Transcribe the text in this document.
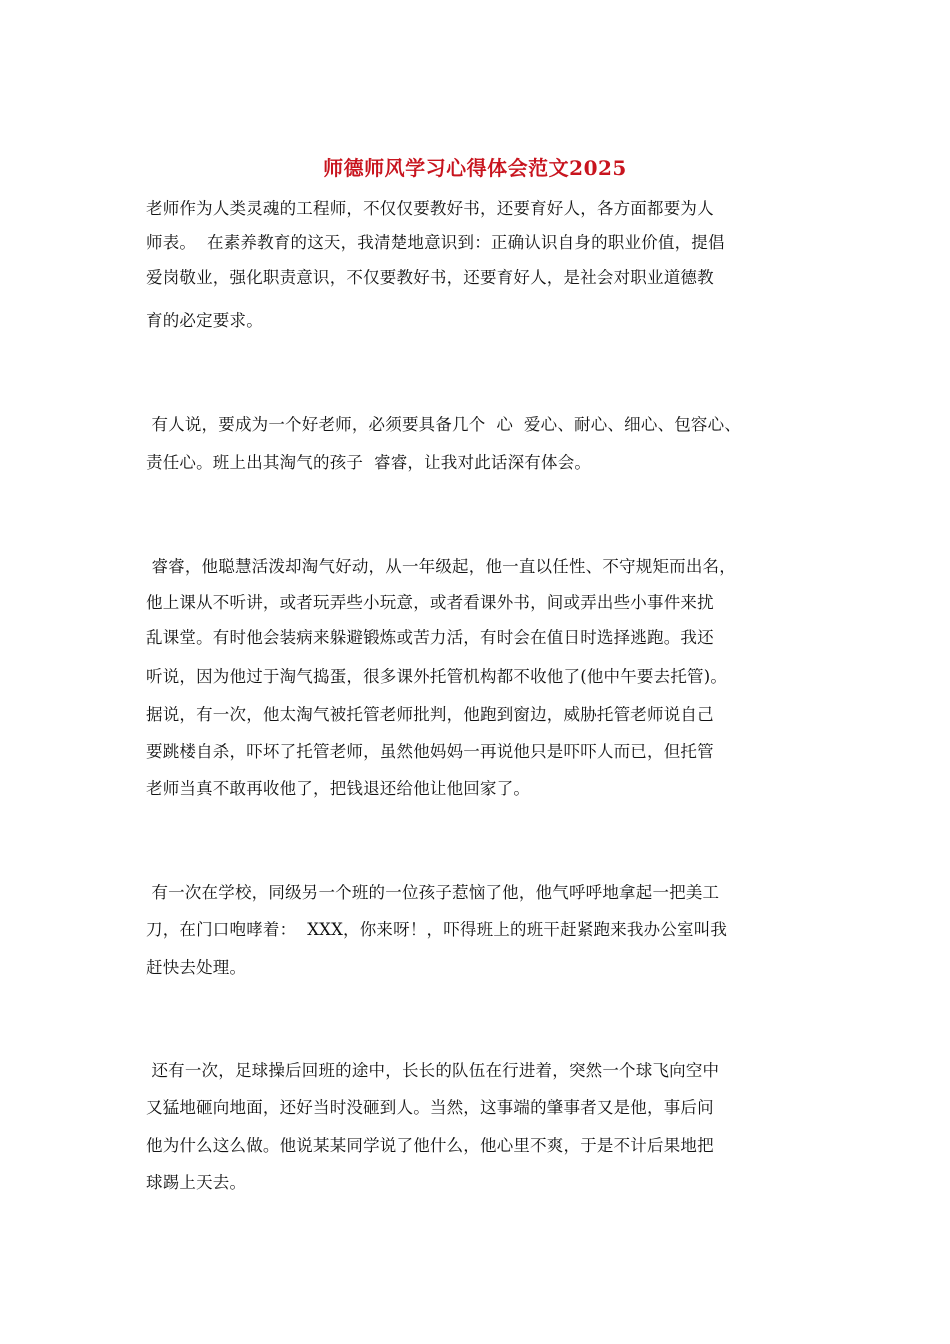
师德师风学习心得体会范文2025
老师作为人类灵魂的工程师，不仅仅要教好书，还要育好人，各方面都要为人
师表。  在素养教育的这天，我清楚地意识到：正确认识自身的职业价值，提倡
爱岗敬业，强化职责意识，不仅要教好书，还要育好人，是社会对职业道德教
育的必定要求。
有人说，要成为一个好老师，必须要具备几个  心  爱心、耐心、细心、包容心、
责任心。班上出其淘气的孩子  睿睿，让我对此话深有体会。
睿睿，他聪慧活泼却淘气好动，从一年级起，他一直以任性、不守规矩而出名，
他上课从不听讲，或者玩弄些小玩意，或者看课外书，间或弄出些小事件来扰
乱课堂。有时他会装病来躲避锻炼或苦力活，有时会在值日时选择逃跑。我还
听说，因为他过于淘气捣蛋，很多课外托管机构都不收他了(他中午要去托管)。
据说，有一次，他太淘气被托管老师批判，他跑到窗边，威胁托管老师说自己
要跳楼自杀，吓坏了托管老师，虽然他妈妈一再说他只是吓吓人而已，但托管
老师当真不敢再收他了，把钱退还给他让他回家了。
有一次在学校，同级另一个班的一位孩子惹恼了他，他气呼呼地拿起一把美工
刀，在门口咆哮着：  XXX，你来呀！，吓得班上的班干赶紧跑来我办公室叫我
赶快去处理。
还有一次，足球操后回班的途中，长长的队伍在行进着，突然一个球飞向空中
又猛地砸向地面，还好当时没砸到人。当然，这事端的肇事者又是他，事后问
他为什么这么做。他说某某同学说了他什么，他心里不爽，于是不计后果地把
球踢上天去。
